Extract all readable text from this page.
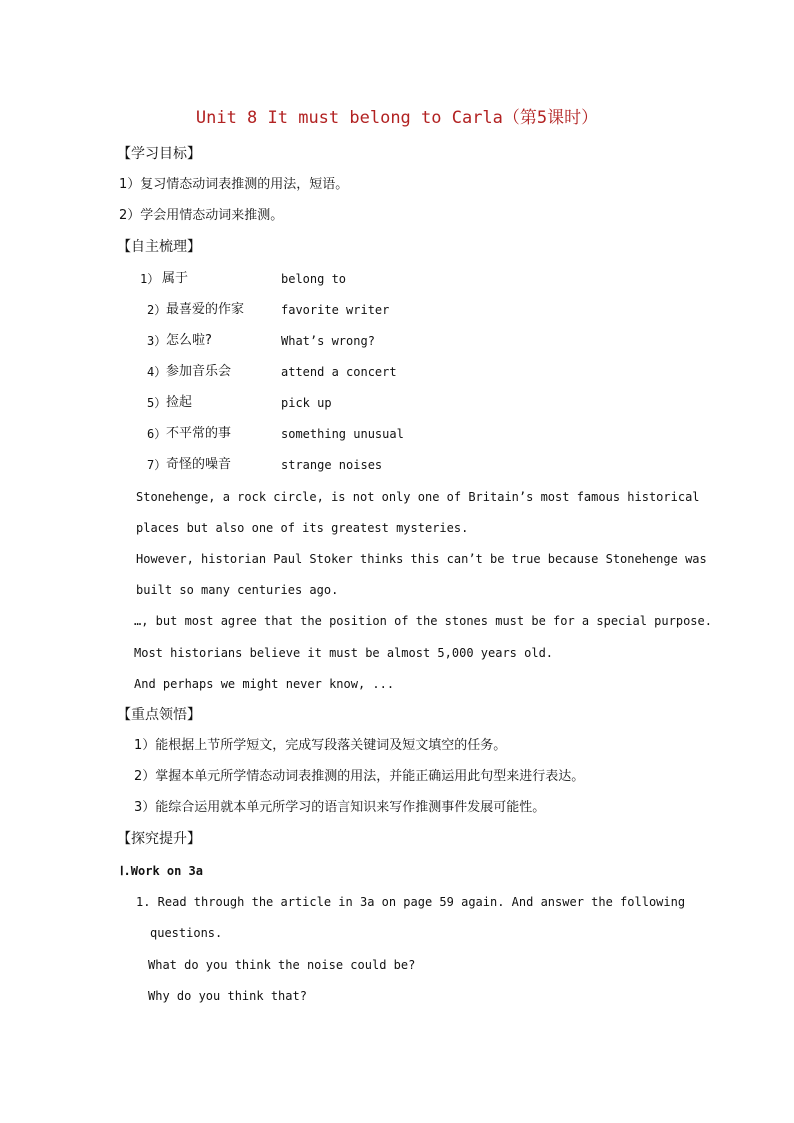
Unit 8 It must belong to Carla（第5课时）
【学习目标】
1）复习情态动词表推测的用法，短语。
2）学会用情态动词来推测。
【自主梳理】
1） 属于	belong to
2） 最喜爱的作家	favorite writer
3） 怎么啦?	What’s wrong?
4） 参加音乐会	attend a concert
5） 捡起	pick up
6） 不平常的事	something unusual
7） 奇怪的噪音	strange noises
Stonehenge, a rock circle, is not only one of Britain’s most famous historical
places but also one of its greatest mysteries.
However, historian Paul Stoker thinks this can’t be true because Stonehenge was
built so many centuries ago.
…, but most agree that the position of the stones must be for a special purpose.
Most historians believe it must be almost 5,000 years old.
And perhaps we might never know, ...
【重点领悟】
1）能根据上节所学短文，完成写段落关键词及短文填空的任务。
2）掌握本单元所学情态动词表推测的用法，并能正确运用此句型来进行表达。
3）能综合运用就本单元所学习的语言知识来写作推测事件发展可能性。
【探究提升】
Ⅰ.Work on 3a
1. Read through the article in 3a on page 59 again. And answer the following
questions.
What do you think the noise could be?
Why do you think that?
